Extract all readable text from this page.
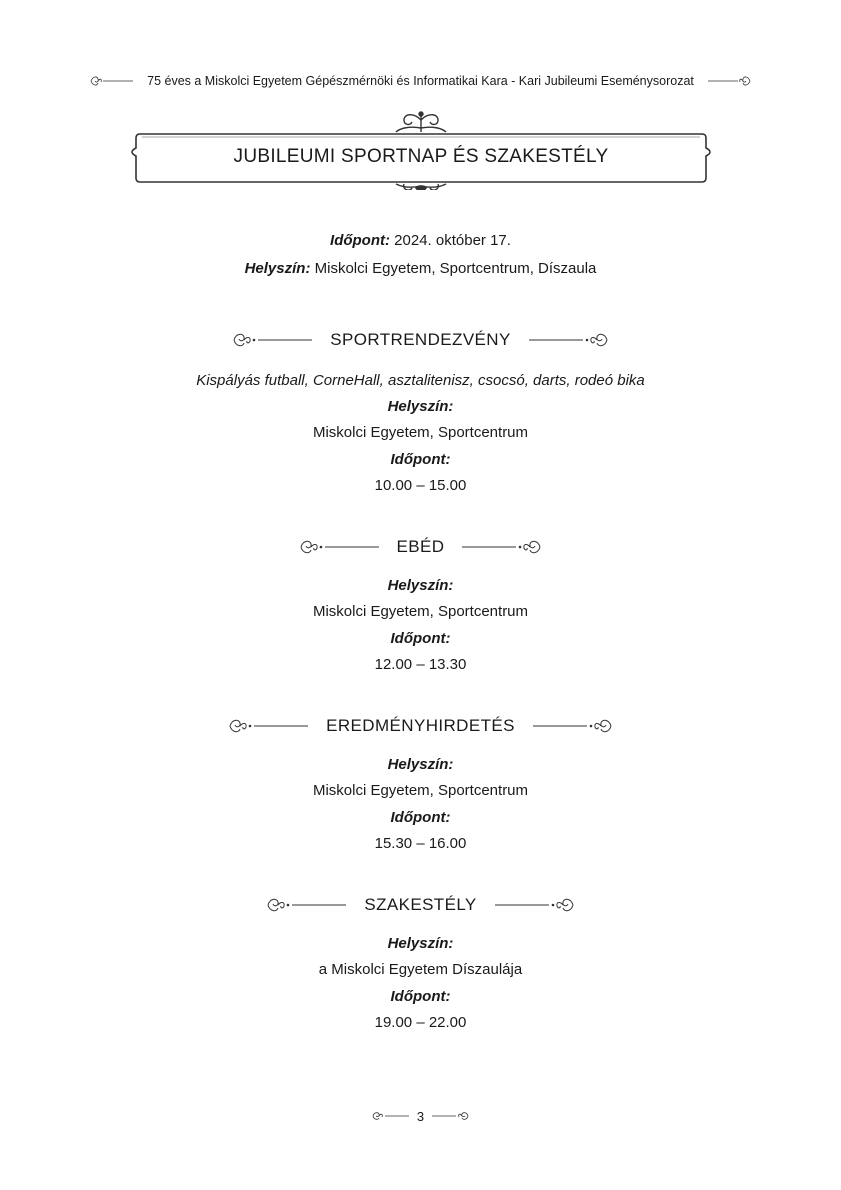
75 éves a Miskolci Egyetem Gépészmérnöki és Informatikai Kara - Kari Jubileumi Eseménysorozat
JUBILEUMI SPORTNAP ÉS SZAKESTÉLY
Időpont: 2024. október 17.
Helyszín: Miskolci Egyetem, Sportcentrum, Díszaula
SPORTRENDEZVÉNY
Kispályás futball, CorneHall, asztalitenisz, csocsó, darts, rodeó bika
Helyszín:
Miskolci Egyetem, Sportcentrum
Időpont:
10.00 – 15.00
EBÉD
Helyszín:
Miskolci Egyetem, Sportcentrum
Időpont:
12.00 – 13.30
EREDMÉNYHIRDETÉS
Helyszín:
Miskolci Egyetem, Sportcentrum
Időpont:
15.30 – 16.00
SZAKESTÉLY
Helyszín:
a Miskolci Egyetem Díszaulája
Időpont:
19.00 – 22.00
3
